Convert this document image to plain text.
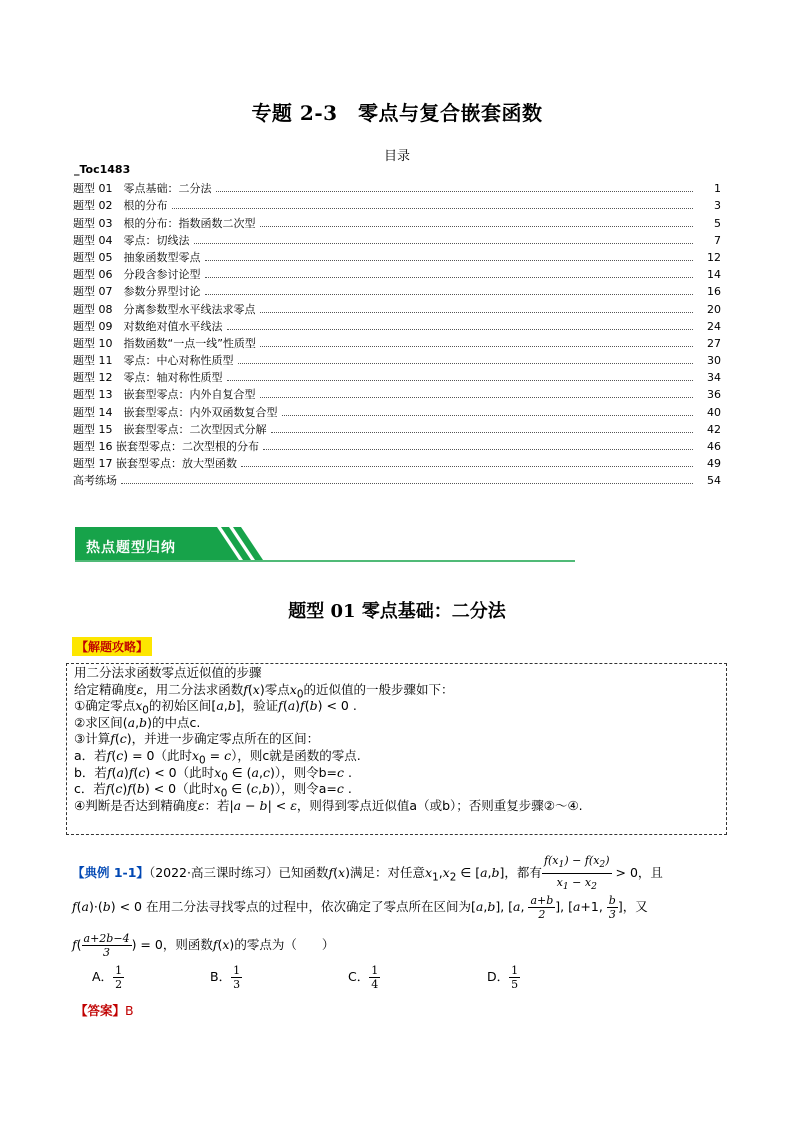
专题 2-3　零点与复合嵌套函数
目录
_Toc1483
题型 01　零点基础：二分法	1
题型 02　根的分布	3
题型 03　根的分布：指数函数二次型	5
题型 04　零点：切线法	7
题型 05　抽象函数型零点	12
题型 06　分段含参讨论型	14
题型 07　参数分界型讨论	16
题型 08　分离参数型水平线法求零点	20
题型 09　对数绝对值水平线法	24
题型 10　指数函数“一点一线”性质型	27
题型 11　零点：中心对称性质型	30
题型 12　零点：轴对称性质型	34
题型 13　嵌套型零点：内外自复合型	36
题型 14　嵌套型零点：内外双函数复合型	40
题型 15　嵌套型零点：二次型因式分解	42
题型 16 嵌套型零点：二次型根的分布	46
题型 17 嵌套型零点：放大型函数	49
高考练场	54
热点题型归纳
题型 01 零点基础：二分法
【解题攻略】
用二分法求函数零点近似值的步骤
给定精确度ε，用二分法求函数f(x)零点$x_0$的近似值的一般步骤如下：
①确定零点$x_0$的初始区间[a,b]，验证f(a)f(b) < 0 .
②求区间(a,b)的中点c.
③计算f(c)，并进一步确定零点所在的区间：
a．若f(c) = 0（此时$x_0 = c$），则c就是函数的零点.
b．若f(a)f(c) < 0（此时$x_0$ ∈ (a,c)），则令b=c .
c．若f(c)f(b) < 0（此时$x_0$ ∈ (c,b)），则令a=c .
④判断是否达到精确度ε：若|a − b| < ε，则得到零点近似值a（或b）；否则重复步骤②～④.
【典例 1-1】（2022·高三课时练习）已知函数f(x)满足：对任意$x_1,x_2$ ∈ [a,b]，都有 $\frac{f(x_1) - f(x_2)}{x_1 - x_2} > 0$，且
f(a)·(b) < 0 在用二分法寻找零点的过程中，依次确定了零点所在区间为[a,b], [a, $\frac{a+b}{2}$ ], [a+1, $\frac{b}{3}$ ]，又
$f( \frac{a+2b-4}{3}$ ) = 0，则函数f(x)的零点为（　　）
A． $\frac{1}{2}$	B． $\frac{1}{3}$	C． $\frac{1}{4}$	D． $\frac{1}{5}$
【答案】B
